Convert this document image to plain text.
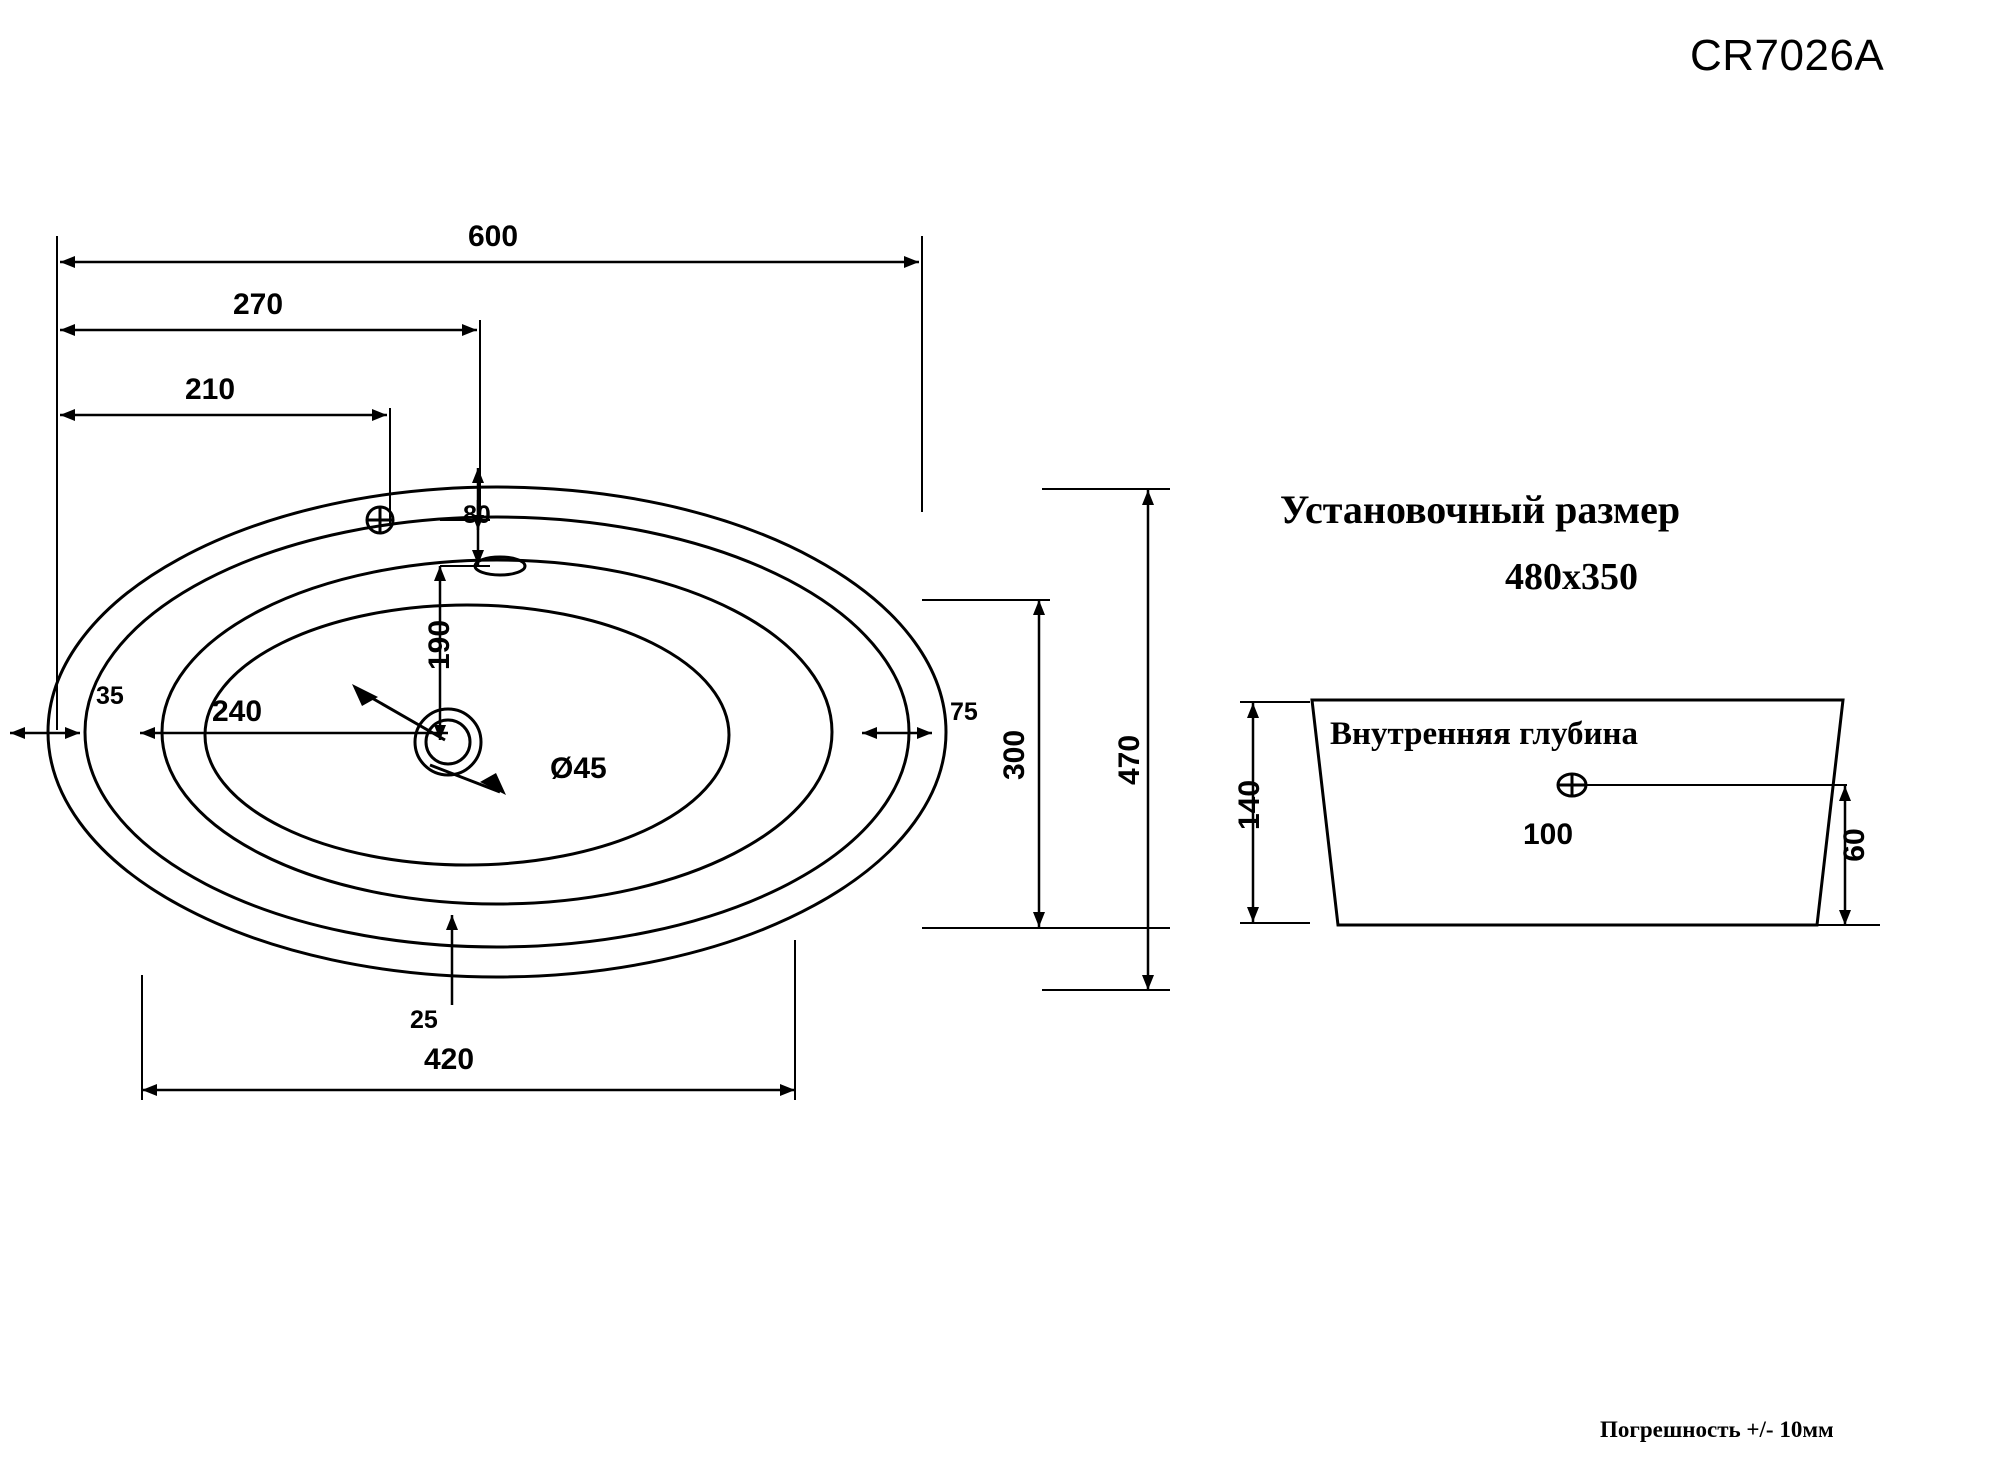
CR7026A
600
270
210
80
190
35	240
Ø45
75
300	470
25
420
Установочный размер
480х350
Внутренняя глубина
140
100	60
Погрешность +/- 10мм
